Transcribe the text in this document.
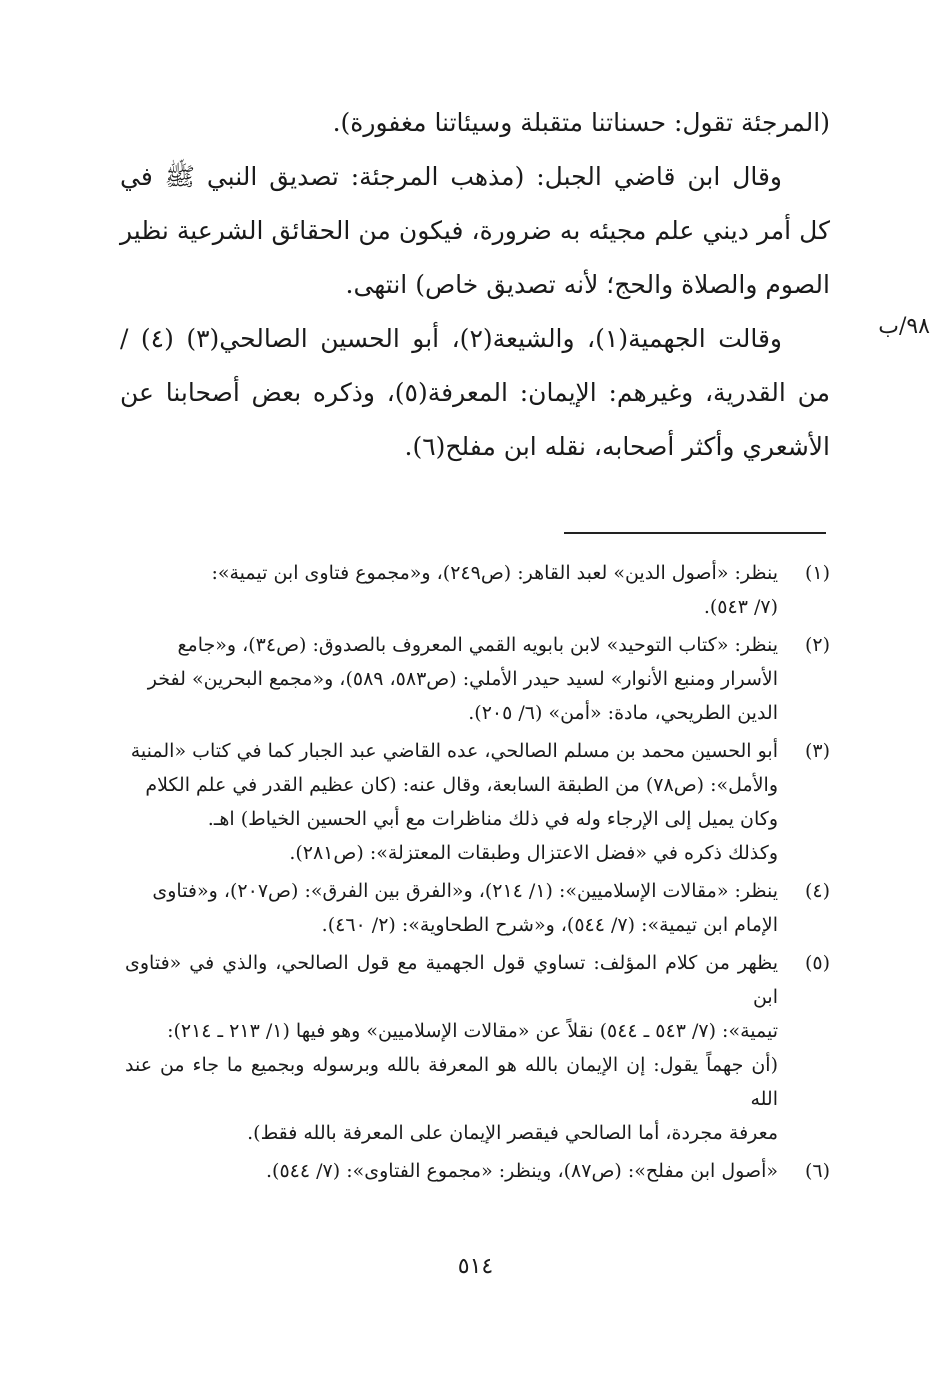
(المرجئة تقول: حسناتنا متقبلة وسيئاتنا مغفورة).

وقال ابن قاضي الجبل: (مذهب المرجئة: تصديق النبي ﷺ في كل أمر ديني علم مجيئه به ضرورة، فيكون من الحقائق الشرعية نظير الصوم والصلاة والحج؛ لأنه تصديق خاص) انتهى.

وقالت الجهمية(١)، والشيعة(٢)، أبو الحسين الصالحي(٣) (٤) / من القدرية، وغيرهم: الإيمان: المعرفة(٥)، وذكره بعض أصحابنا عن الأشعري وأكثر أصحابه، نقله ابن مفلح(٦).

٩٨/ب
(١)
ينظر: «أصول الدين» لعبد القاهر: (ص٢٤٩)، و«مجموع فتاوى ابن تيمية»:
(٧/ ٥٤٣).
(٢)
ينظر: «كتاب التوحيد» لابن بابويه القمي المعروف بالصدوق: (ص٣٤)، و«جامع
الأسرار ومنبع الأنوار» لسيد حيدر الأملي: (ص٥٨٣، ٥٨٩)، و«مجمع البحرين» لفخر
الدين الطريحي، مادة: «أمن» (٦/ ٢٠٥).
(٣)
أبو الحسين محمد بن مسلم الصالحي، عده القاضي عبد الجبار كما في كتاب «المنية
والأمل»: (ص٧٨) من الطبقة السابعة، وقال عنه: (كان عظيم القدر في علم الكلام
وكان يميل إلى الإرجاء وله في ذلك مناظرات مع أبي الحسين الخياط) اهـ.
وكذلك ذكره في «فضل الاعتزال وطبقات المعتزلة»: (ص٢٨١).
(٤)
ينظر: «مقالات الإسلاميين»: (١/ ٢١٤)، و«الفرق بين الفرق»: (ص٢٠٧)، و«فتاوى
الإمام ابن تيمية»: (٧/ ٥٤٤)، و«شرح الطحاوية»: (٢/ ٤٦٠).
(٥)
يظهر من كلام المؤلف: تساوي قول الجهمية مع قول الصالحي، والذي في «فتاوى ابن
تيمية»: (٧/ ٥٤٣ ـ ٥٤٤) نقلاً عن «مقالات الإسلاميين» وهو فيها (١/ ٢١٣ ـ ٢١٤):
(أن جهماً يقول: إن الإيمان بالله هو المعرفة بالله وبرسوله وبجميع ما جاء من عند الله
معرفة مجردة، أما الصالحي فيقصر الإيمان على المعرفة بالله فقط).
(٦)
«أصول ابن مفلح»: (ص٨٧)، وينظر: «مجموع الفتاوى»: (٧/ ٥٤٤).
٥١٤
